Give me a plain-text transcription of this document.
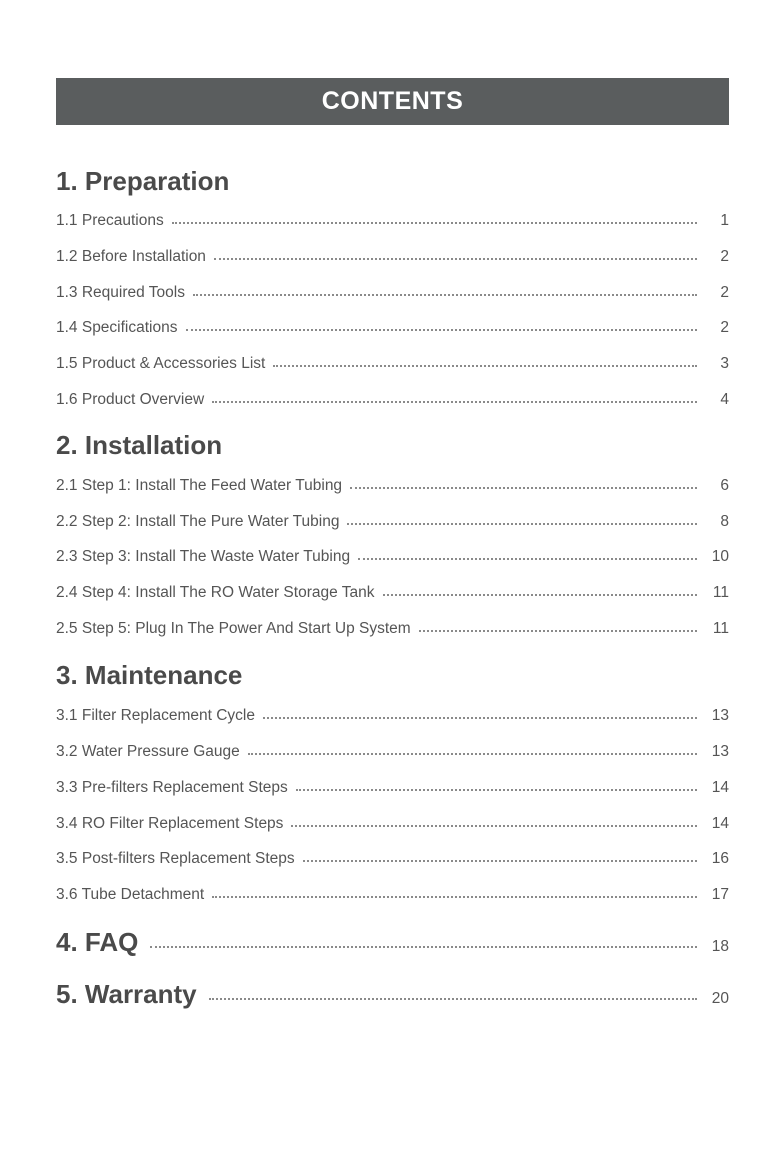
CONTENTS
1. Preparation
1.1 Precautions	1
1.2 Before Installation	2
1.3 Required Tools	2
1.4 Specifications	2
1.5 Product & Accessories List	3
1.6 Product Overview	4
2. Installation
2.1 Step 1: Install The Feed Water Tubing	6
2.2 Step 2: Install The Pure Water Tubing	8
2.3 Step 3: Install The Waste Water Tubing	10
2.4 Step 4: Install The RO Water Storage Tank	11
2.5 Step 5: Plug In The Power And Start Up System	11
3. Maintenance
3.1 Filter Replacement Cycle	13
3.2 Water Pressure Gauge	13
3.3 Pre-filters Replacement Steps	14
3.4 RO Filter Replacement Steps	14
3.5 Post-filters Replacement Steps	16
3.6 Tube Detachment	17
4. FAQ	18
5. Warranty	20
